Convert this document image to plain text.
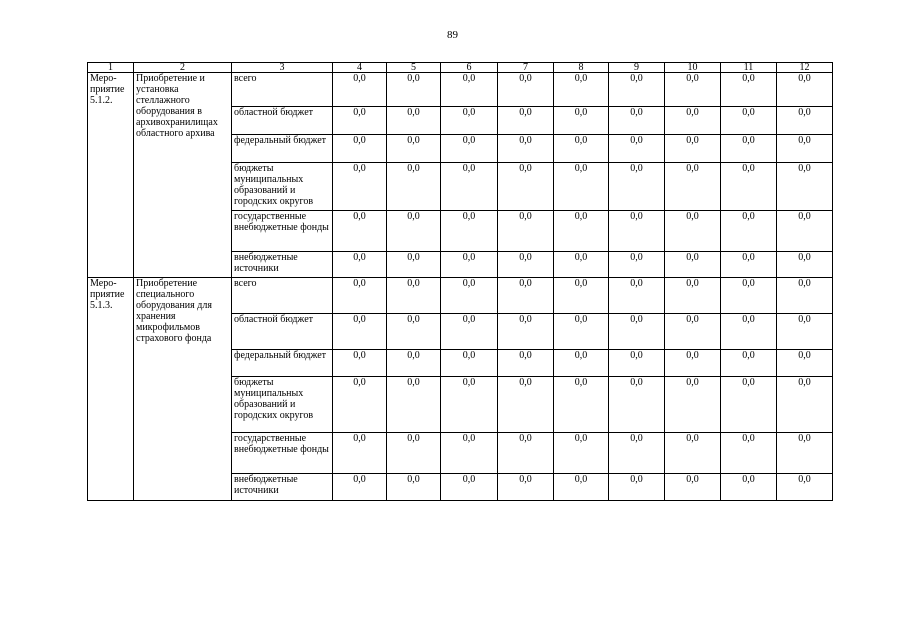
89
1	2	3	4	5	6	7	8	9	10	11	12

Меро-
приятие
5.1.2.	Приобретение и установка стеллажного оборудования в архивохранилищах областного архива	всего	0,0	0,0	0,0	0,0	0,0	0,0	0,0	0,0	0,0
		областной бюджет	0,0	0,0	0,0	0,0	0,0	0,0	0,0	0,0	0,0
		федеральный бюджет	0,0	0,0	0,0	0,0	0,0	0,0	0,0	0,0	0,0
		бюджеты муниципальных образований и городских округов	0,0	0,0	0,0	0,0	0,0	0,0	0,0	0,0	0,0
		государственные внебюджетные фонды	0,0	0,0	0,0	0,0	0,0	0,0	0,0	0,0	0,0
		внебюджетные источники	0,0	0,0	0,0	0,0	0,0	0,0	0,0	0,0	0,0

Меро-
приятие
5.1.3.	Приобретение специального оборудования для хранения микрофильмов страхового фонда	всего	0,0	0,0	0,0	0,0	0,0	0,0	0,0	0,0	0,0
		областной бюджет	0,0	0,0	0,0	0,0	0,0	0,0	0,0	0,0	0,0
		федеральный бюджет	0,0	0,0	0,0	0,0	0,0	0,0	0,0	0,0	0,0
		бюджеты муниципальных образований и городских округов	0,0	0,0	0,0	0,0	0,0	0,0	0,0	0,0	0,0
		государственные внебюджетные фонды	0,0	0,0	0,0	0,0	0,0	0,0	0,0	0,0	0,0
		внебюджетные источники	0,0	0,0	0,0	0,0	0,0	0,0	0,0	0,0	0,0
